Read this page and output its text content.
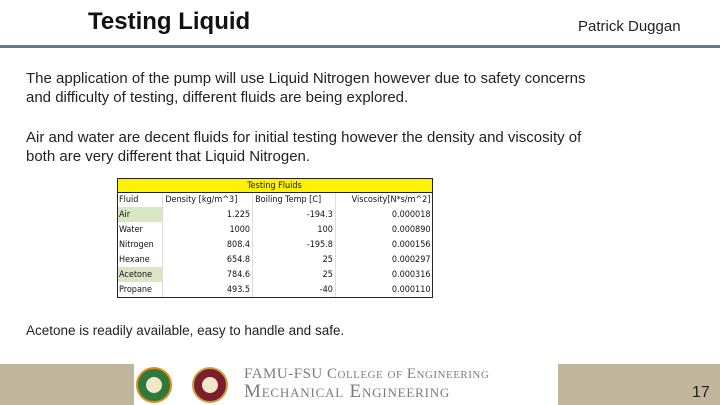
Testing Liquid	Patrick Duggan
The application of the pump will use Liquid Nitrogen however due to safety concerns and difficulty of testing, different fluids are being explored.
Air and water are decent fluids for initial testing however the density and viscosity of both are very different that Liquid Nitrogen.
Testing Fluids			
Fluid	Density [kg/m^3]	Boiling Temp [C]	Viscosity[N*s/m^2]
Air	1.225	-194.3	0.000018
Water	1000	100	0.000890
Nitrogen	808.4	-195.8	0.000156
Hexane	654.8	25	0.000297
Acetone	784.6	25	0.000316
Propane	493.5	-40	0.000110
Acetone is readily available, easy to handle and safe.
FAMU-FSU College of Engineering
Mechanical Engineering	17
